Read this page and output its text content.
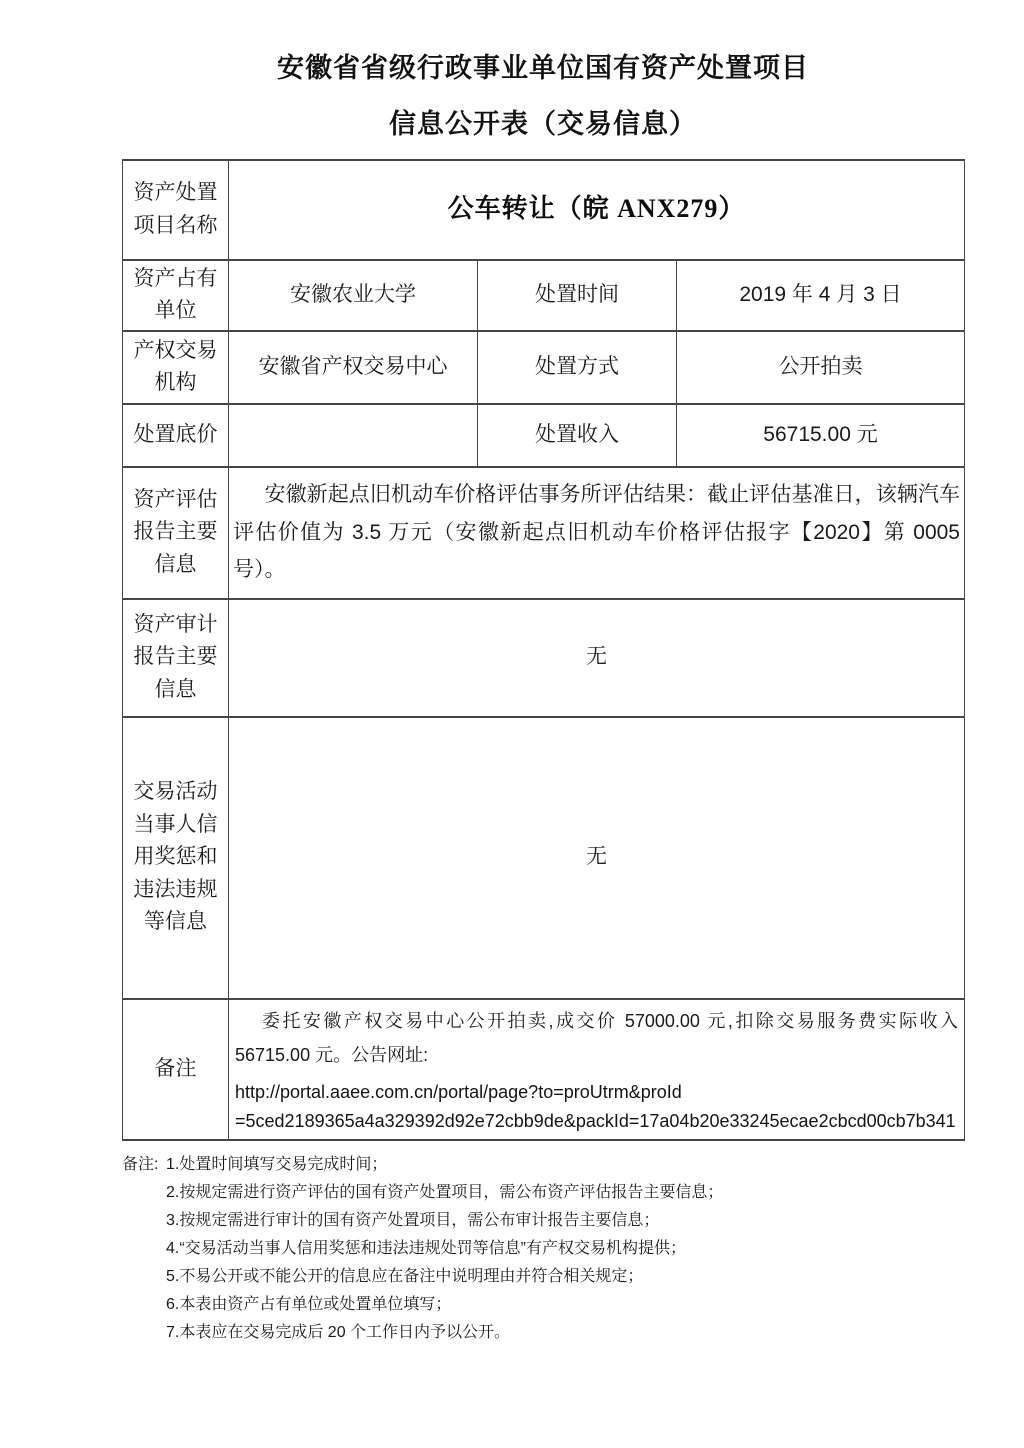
安徽省省级行政事业单位国有资产处置项目
信息公开表（交易信息）
资产处置项目名称	公车转让（皖 ANX279）		
资产占有单位	安徽农业大学	处置时间	2019 年 4 月 3 日
产权交易机构	安徽省产权交易中心	处置方式	公开拍卖
处置底价		处置收入	56715.00 元
资产评估报告主要信息	安徽新起点旧机动车价格评估事务所评估结果：截止评估基准日，该辆汽车评估价值为 3.5 万元（安徽新起点旧机动车价格评估报字【2020】第 0005 号）。		

资产审计报告主要信息	无		
交易活动当事人信用奖惩和违法违规等信息	无		
备注	委托安徽产权交易中心公开拍卖,成交价 57000.00 元,扣除交易服务费实际收入 56715.00 元。公告网址:

http://portal.aaee.com.cn/portal/page?to=proUtrm&proId
=5ced2189365a4a329392d92e72cbb9de&packId=17a04b20e33245ecae2cbcd00cb7b341		
备注: 1.处置时间填写交易完成时间；
2.按规定需进行资产评估的国有资产处置项目，需公布资产评估报告主要信息；
3.按规定需进行审计的国有资产处置项目，需公布审计报告主要信息；
4.“交易活动当事人信用奖惩和违法违规处罚等信息”有产权交易机构提供；
5.不易公开或不能公开的信息应在备注中说明理由并符合相关规定；
6.本表由资产占有单位或处置单位填写；
7.本表应在交易完成后 20 个工作日内予以公开。
